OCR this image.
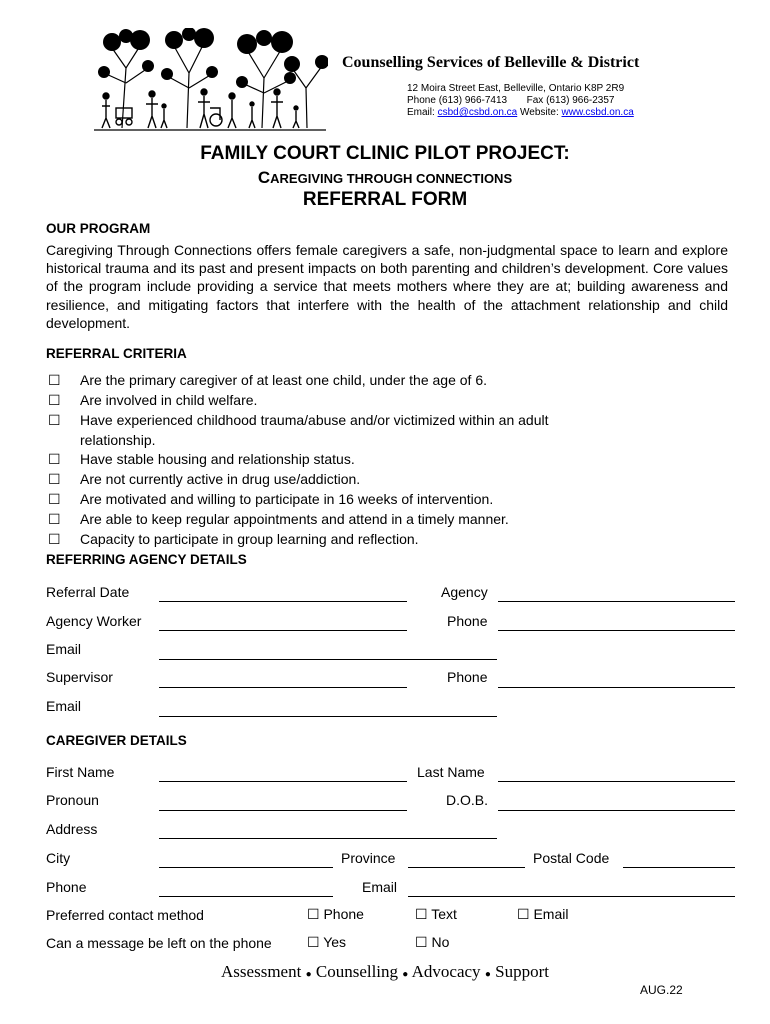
Counselling Services of Belleville & District
12 Moira Street East, Belleville, Ontario K8P 2R9
Phone (613) 966-7413 Fax (613) 966-2357
Email: csbd@csbd.on.ca Website: www.csbd.on.ca
FAMILY COURT CLINIC PILOT PROJECT:
CAREGIVING THROUGH CONNECTIONS
REFERRAL FORM
OUR PROGRAM
Caregiving Through Connections offers female caregivers a safe, non-judgmental space to learn and explore historical trauma and its past and present impacts on both parenting and children’s development. Core values of the program include providing a service that meets mothers where they are at; building awareness and resilience, and mitigating factors that interfere with the health of the attachment relationship and child development.
REFERRAL CRITERIA
☐ Are the primary caregiver of at least one child, under the age of 6.
☐ Are involved in child welfare.
☐ Have experienced childhood trauma/abuse and/or victimized within an adult relationship.
☐ Have stable housing and relationship status.
☐ Are not currently active in drug use/addiction.
☐ Are motivated and willing to participate in 16 weeks of intervention.
☐ Are able to keep regular appointments and attend in a timely manner.
☐ Capacity to participate in group learning and reflection.
REFERRING AGENCY DETAILS
Referral Date	Agency
Agency Worker	Phone
Email
Supervisor	Phone
Email
CAREGIVER DETAILS
First Name	Last Name
Pronoun	D.O.B.
Address
City	Province	Postal Code
Phone	Email
Preferred contact method	☐ Phone	☐ Text	☐ Email
Can a message be left on the phone	☐ Yes	☐ No
Assessment ● Counselling ● Advocacy ● Support
AUG.22
